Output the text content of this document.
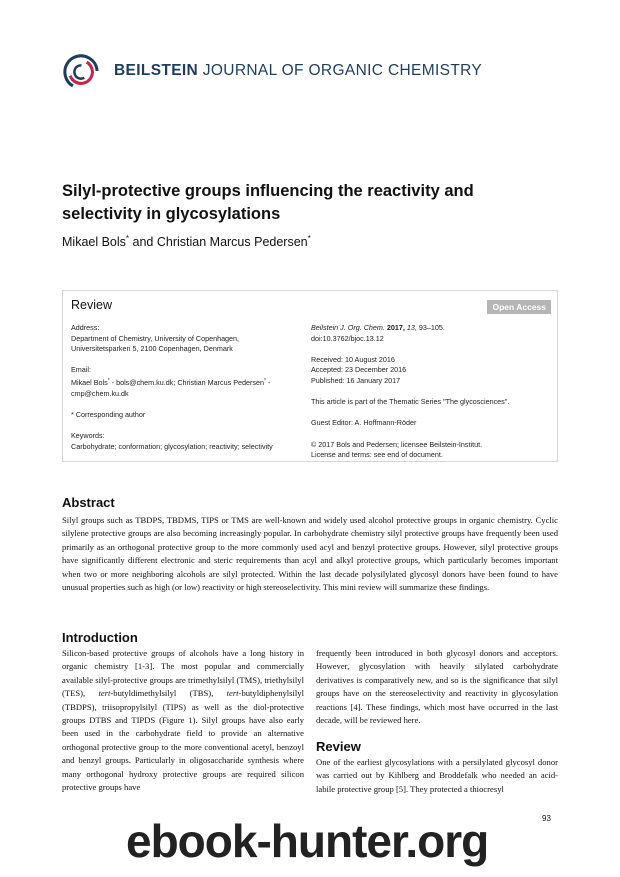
BEILSTEIN JOURNAL OF ORGANIC CHEMISTRY
Silyl-protective groups influencing the reactivity and selectivity in glycosylations
Mikael Bols* and Christian Marcus Pedersen*
Review	Open Access

Address:

Department of Chemistry, University of Copenhagen,

Universitetsparken 5, 2100 Copenhagen, Denmark

Email:

Mikael Bols* - bols@chem.ku.dk; Christian Marcus Pedersen* -

cmp@chem.ku.dk

* Corresponding author

Keywords:

Carbohydrate; conformation; glycosylation; reactivity; selectivity

Beilstein J. Org. Chem. 2017, 13, 93–105.

doi:10.3762/bjoc.13.12

Received: 10 August 2016

Accepted: 23 December 2016

Published: 16 January 2017

This article is part of the Thematic Series "The glycosciences".

Guest Editor: A. Hoffmann-Röder

© 2017 Bols and Pedersen; licensee Beilstein-Institut.

License and terms: see end of document.

Abstract

Silyl groups such as TBDPS, TBDMS, TIPS or TMS are well-known and widely used alcohol protective groups in organic chemistry. Cyclic silylene protective groups are also becoming increasingly popular. In carbohydrate chemistry silyl protective groups have frequently been used primarily as an orthogonal protective group to the more commonly used acyl and benzyl protective groups. However, silyl protective groups have significantly different electronic and steric requirements than acyl and alkyl protective groups, which particularly becomes important when two or more neighboring alcohols are silyl protected. Within the last decade polysilylated glycosyl donors have been found to have unusual properties such as high (or low) reactivity or high stereoselectivity. This mini review will summarize these findings.

Introduction

Silicon-based protective groups of alcohols have a long history in organic chemistry [1-3]. The most popular and commercially available silyl-protective groups are trimethylsilyl (TMS), triethylsilyl (TES), tert-butyldimethylsilyl (TBS), tert-butyldiphenylsilyl (TBDPS), triisopropylsilyl (TIPS) as well as the diol-protective groups DTBS and TIPDS (Figure 1). Silyl groups have also early been used in the carbohydrate field to provide an alternative orthogonal protective group to the more conventional acetyl, benzoyl and benzyl groups. Particularly in oligosaccharide synthesis where many orthogonal hydroxy protective groups are required silicon protective groups have

frequently been introduced in both glycosyl donors and acceptors. However, glycosylation with heavily silylated carbohydrate derivatives is comparatively new, and so is the significance that silyl groups have on the stereoselectivity and reactivity in glycosylation reactions [4]. These findings, which most have occurred in the last decade, will be reviewed here.

Review

One of the earliest glycosylations with a persilylated glycosyl donor was carried out by Kihlberg and Broddefalk who needed an acid-labile protective group [5]. They protected a thiocresyl

93
ebook-hunter.org
